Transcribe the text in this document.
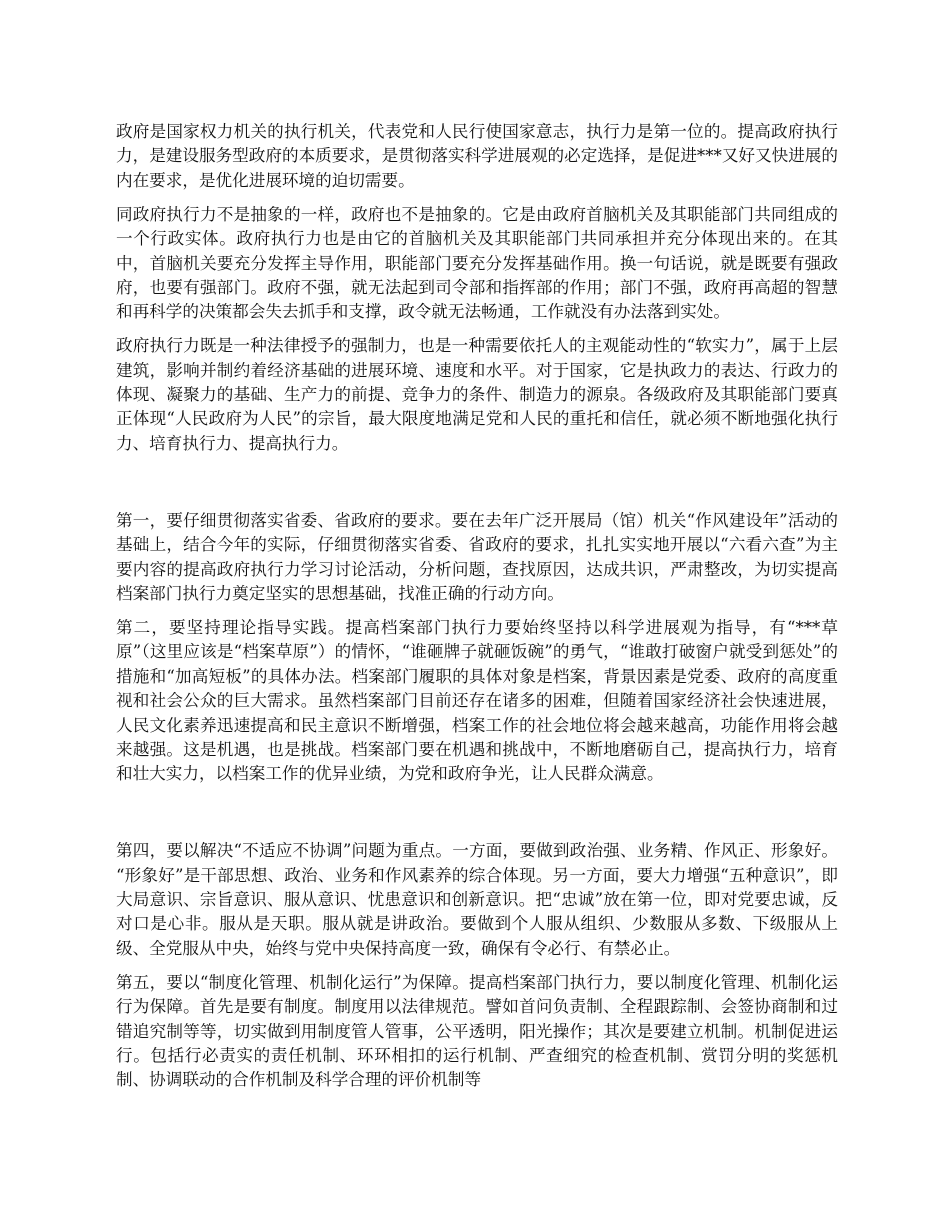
政府是国家权力机关的执行机关，代表党和人民行使国家意志，执行力是第一位的。提高政府执行力，是建设服务型政府的本质要求，是贯彻落实科学进展观的必定选择，是促进***又好又快进展的内在要求，是优化进展环境的迫切需要。

同政府执行力不是抽象的一样，政府也不是抽象的。它是由政府首脑机关及其职能部门共同组成的一个行政实体。政府执行力也是由它的首脑机关及其职能部门共同承担并充分体现出来的。在其中，首脑机关要充分发挥主导作用，职能部门要充分发挥基础作用。换一句话说，就是既要有强政府，也要有强部门。政府不强，就无法起到司令部和指挥部的作用；部门不强，政府再高超的智慧和再科学的决策都会失去抓手和支撑，政令就无法畅通，工作就没有办法落到实处。

政府执行力既是一种法律授予的强制力，也是一种需要依托人的主观能动性的“软实力”，属于上层建筑，影响并制约着经济基础的进展环境、速度和水平。对于国家，它是执政力的表达、行政力的体现、凝聚力的基础、生产力的前提、竞争力的条件、制造力的源泉。各级政府及其职能部门要真正体现“人民政府为人民”的宗旨，最大限度地满足党和人民的重托和信任，就必须不断地强化执行力、培育执行力、提高执行力。

第一，要仔细贯彻落实省委、省政府的要求。要在去年广泛开展局（馆）机关“作风建设年”活动的基础上，结合今年的实际，仔细贯彻落实省委、省政府的要求，扎扎实实地开展以“六看六查”为主要内容的提高政府执行力学习讨论活动，分析问题，查找原因，达成共识，严肃整改，为切实提高档案部门执行力奠定坚实的思想基础，找准正确的行动方向。

第二，要坚持理论指导实践。提高档案部门执行力要始终坚持以科学进展观为指导，有“***草原”（这里应该是“档案草原”）的情怀，“谁砸牌子就砸饭碗”的勇气，“谁敢打破窗户就受到惩处”的措施和“加高短板”的具体办法。档案部门履职的具体对象是档案，背景因素是党委、政府的高度重视和社会公众的巨大需求。虽然档案部门目前还存在诸多的困难，但随着国家经济社会快速进展，人民文化素养迅速提高和民主意识不断增强，档案工作的社会地位将会越来越高，功能作用将会越来越强。这是机遇，也是挑战。档案部门要在机遇和挑战中，不断地磨砺自己，提高执行力，培育和壮大实力，以档案工作的优异业绩，为党和政府争光，让人民群众满意。

第四，要以解决“不适应不协调”问题为重点。一方面，要做到政治强、业务精、作风正、形象好。 “形象好”是干部思想、政治、业务和作风素养的综合体现。另一方面，要大力增强“五种意识”，即大局意识、宗旨意识、服从意识、忧患意识和创新意识。把“忠诚”放在第一位，即对党要忠诚，反对口是心非。服从是天职。服从就是讲政治。要做到个人服从组织、少数服从多数、下级服从上级、全党服从中央，始终与党中央保持高度一致，确保有令必行、有禁必止。

第五，要以“制度化管理、机制化运行”为保障。提高档案部门执行力，要以制度化管理、机制化运行为保障。首先是要有制度。制度用以法律规范。譬如首问负责制、全程跟踪制、会签协商制和过错追究制等等，切实做到用制度管人管事，公平透明，阳光操作；其次是要建立机制。机制促进运行。包括行必责实的责任机制、环环相扣的运行机制、严查细究的检查机制、赏罚分明的奖惩机制、协调联动的合作机制及科学合理的评价机制等
